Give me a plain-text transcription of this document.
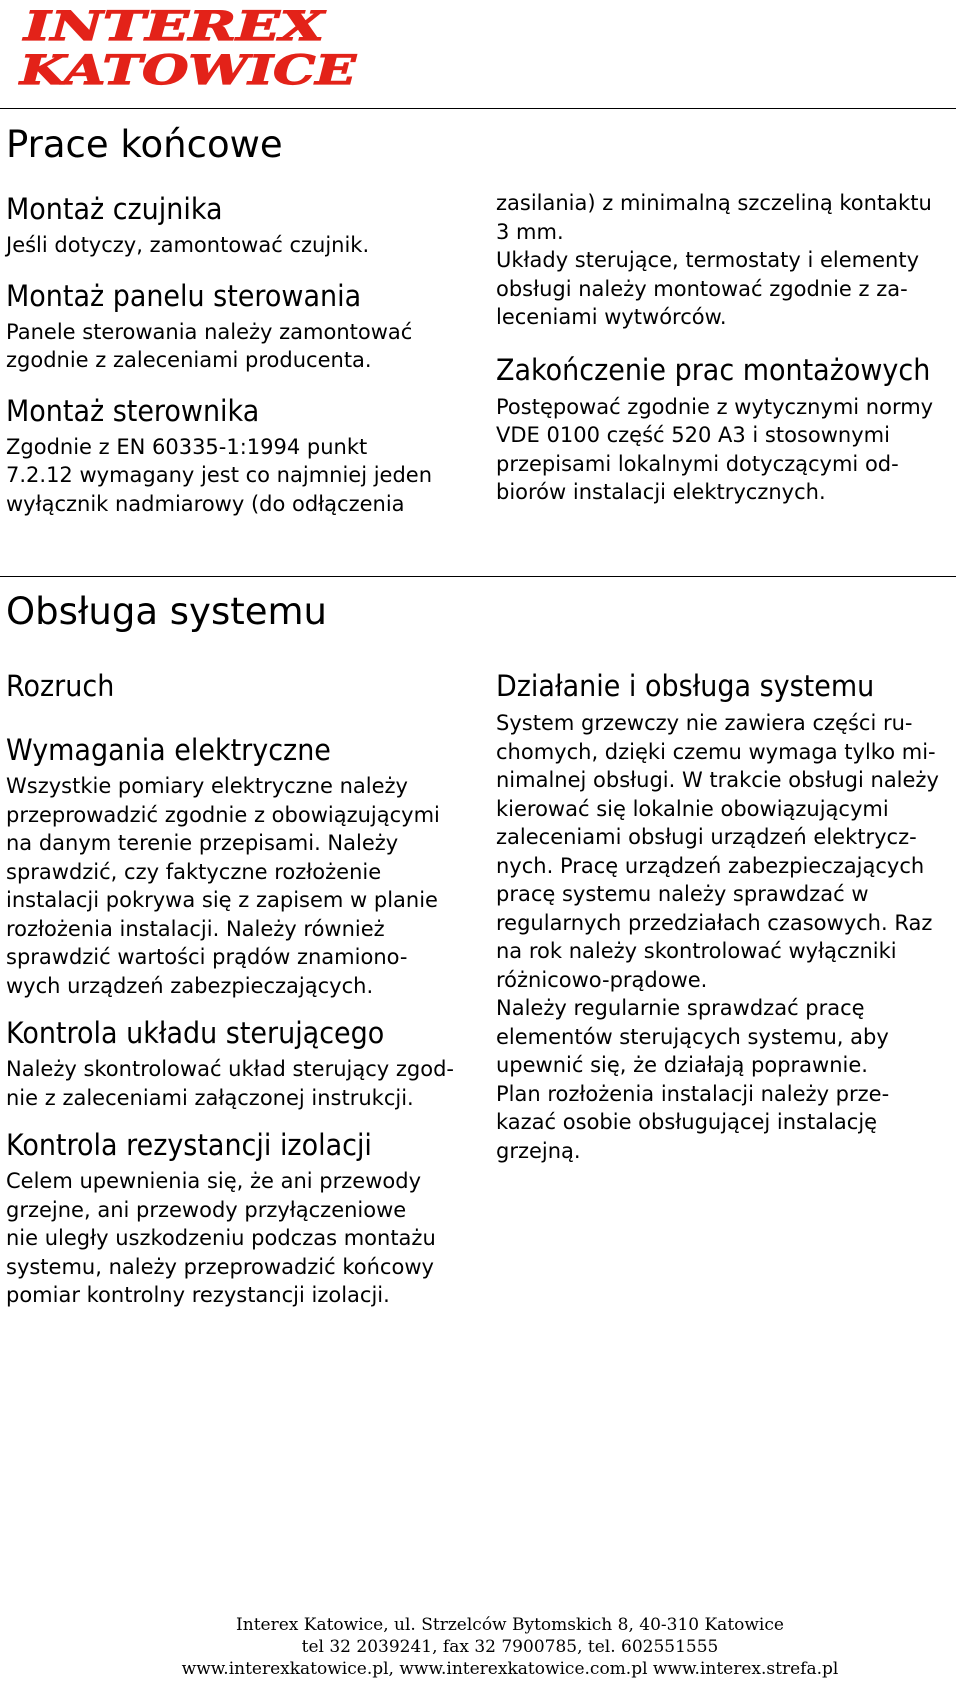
INTEREX
KATOWICE
Prace końcowe
Montaż czujnika

Jeśli dotyczy, zamontować czujnik.

Montaż panelu sterowania

Panele sterowania należy zamontować
zgodnie z zaleceniami producenta.

Montaż sterownika

Zgodnie z EN 60335-1:1994 punkt
7.2.12 wymagany jest co najmniej jeden
wyłącznik nadmiarowy (do odłączenia

zasilania) z minimalną szczeliną kontaktu
3 mm.
Układy sterujące, termostaty i elementy
obsługi należy montować zgodnie z za-
leceniami wytwórców.

Zakończenie prac montażowych

Postępować zgodnie z wytycznymi normy
VDE 0100 część 520 A3 i stosownymi
przepisami lokalnymi dotyczącymi od-
biorów instalacji elektrycznych.

Obsługa systemu
Rozruch
Wymagania elektryczne

Wszystkie pomiary elektryczne należy
przeprowadzić zgodnie z obowiązującymi
na danym terenie przepisami. Należy
sprawdzić, czy faktyczne rozłożenie
instalacji pokrywa się z zapisem w planie
rozłożenia instalacji. Należy również
sprawdzić wartości prądów znamiono-
wych urządzeń zabezpieczających.

Kontrola układu sterującego

Należy skontrolować układ sterujący zgod-
nie z zaleceniami załączonej instrukcji.

Kontrola rezystancji izolacji

Celem upewnienia się, że ani przewody
grzejne, ani przewody przyłączeniowe
nie uległy uszkodzeniu podczas montażu
systemu, należy przeprowadzić końcowy
pomiar kontrolny rezystancji izolacji.

Działanie i obsługa systemu

System grzewczy nie zawiera części ru-
chomych, dzięki czemu wymaga tylko mi-
nimalnej obsługi. W trakcie obsługi należy
kierować się lokalnie obowiązującymi
zaleceniami obsługi urządzeń elektrycz-
nych. Pracę urządzeń zabezpieczających
pracę systemu należy sprawdzać w
regularnych przedziałach czasowych. Raz
na rok należy skontrolować wyłączniki
różnicowo-prądowe.
Należy regularnie sprawdzać pracę
elementów sterujących systemu, aby
upewnić się, że działają poprawnie.
Plan rozłożenia instalacji należy prze-
kazać osobie obsługującej instalację
grzejną.

Interex Katowice, ul. Strzelców Bytomskich 8, 40-310 Katowice
tel 32 2039241, fax 32 7900785, tel. 602551555
www.interexkatowice.pl, www.interexkatowice.com.pl www.interex.strefa.pl
